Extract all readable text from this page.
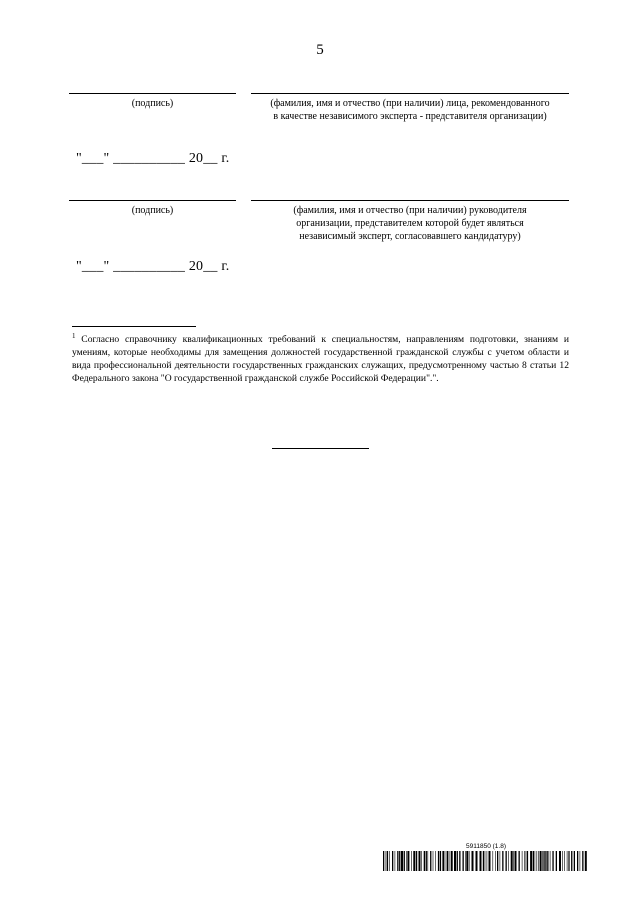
5
(подпись)	(фамилия, имя и отчество (при наличии) лица, рекомендованного
в качестве независимого эксперта - представителя организации)
"___" __________ 20__ г.
(подпись)	(фамилия, имя и отчество (при наличии) руководителя
организации, представителем которой будет являться
независимый эксперт, согласовавшего кандидатуру)
"___" __________ 20__ г.
$^1$ Согласно справочнику квалификационных требований к специальностям, направлениям подготовки, знаниям и умениям, которые необходимы для замещения должностей государственной гражданской службы с учетом области и вида профессиональной деятельности государственных гражданских служащих, предусмотренному частью 8 статьи 12 Федерального закона "О государственной гражданской службе Российской Федерации".".
5911850 (1.8)
